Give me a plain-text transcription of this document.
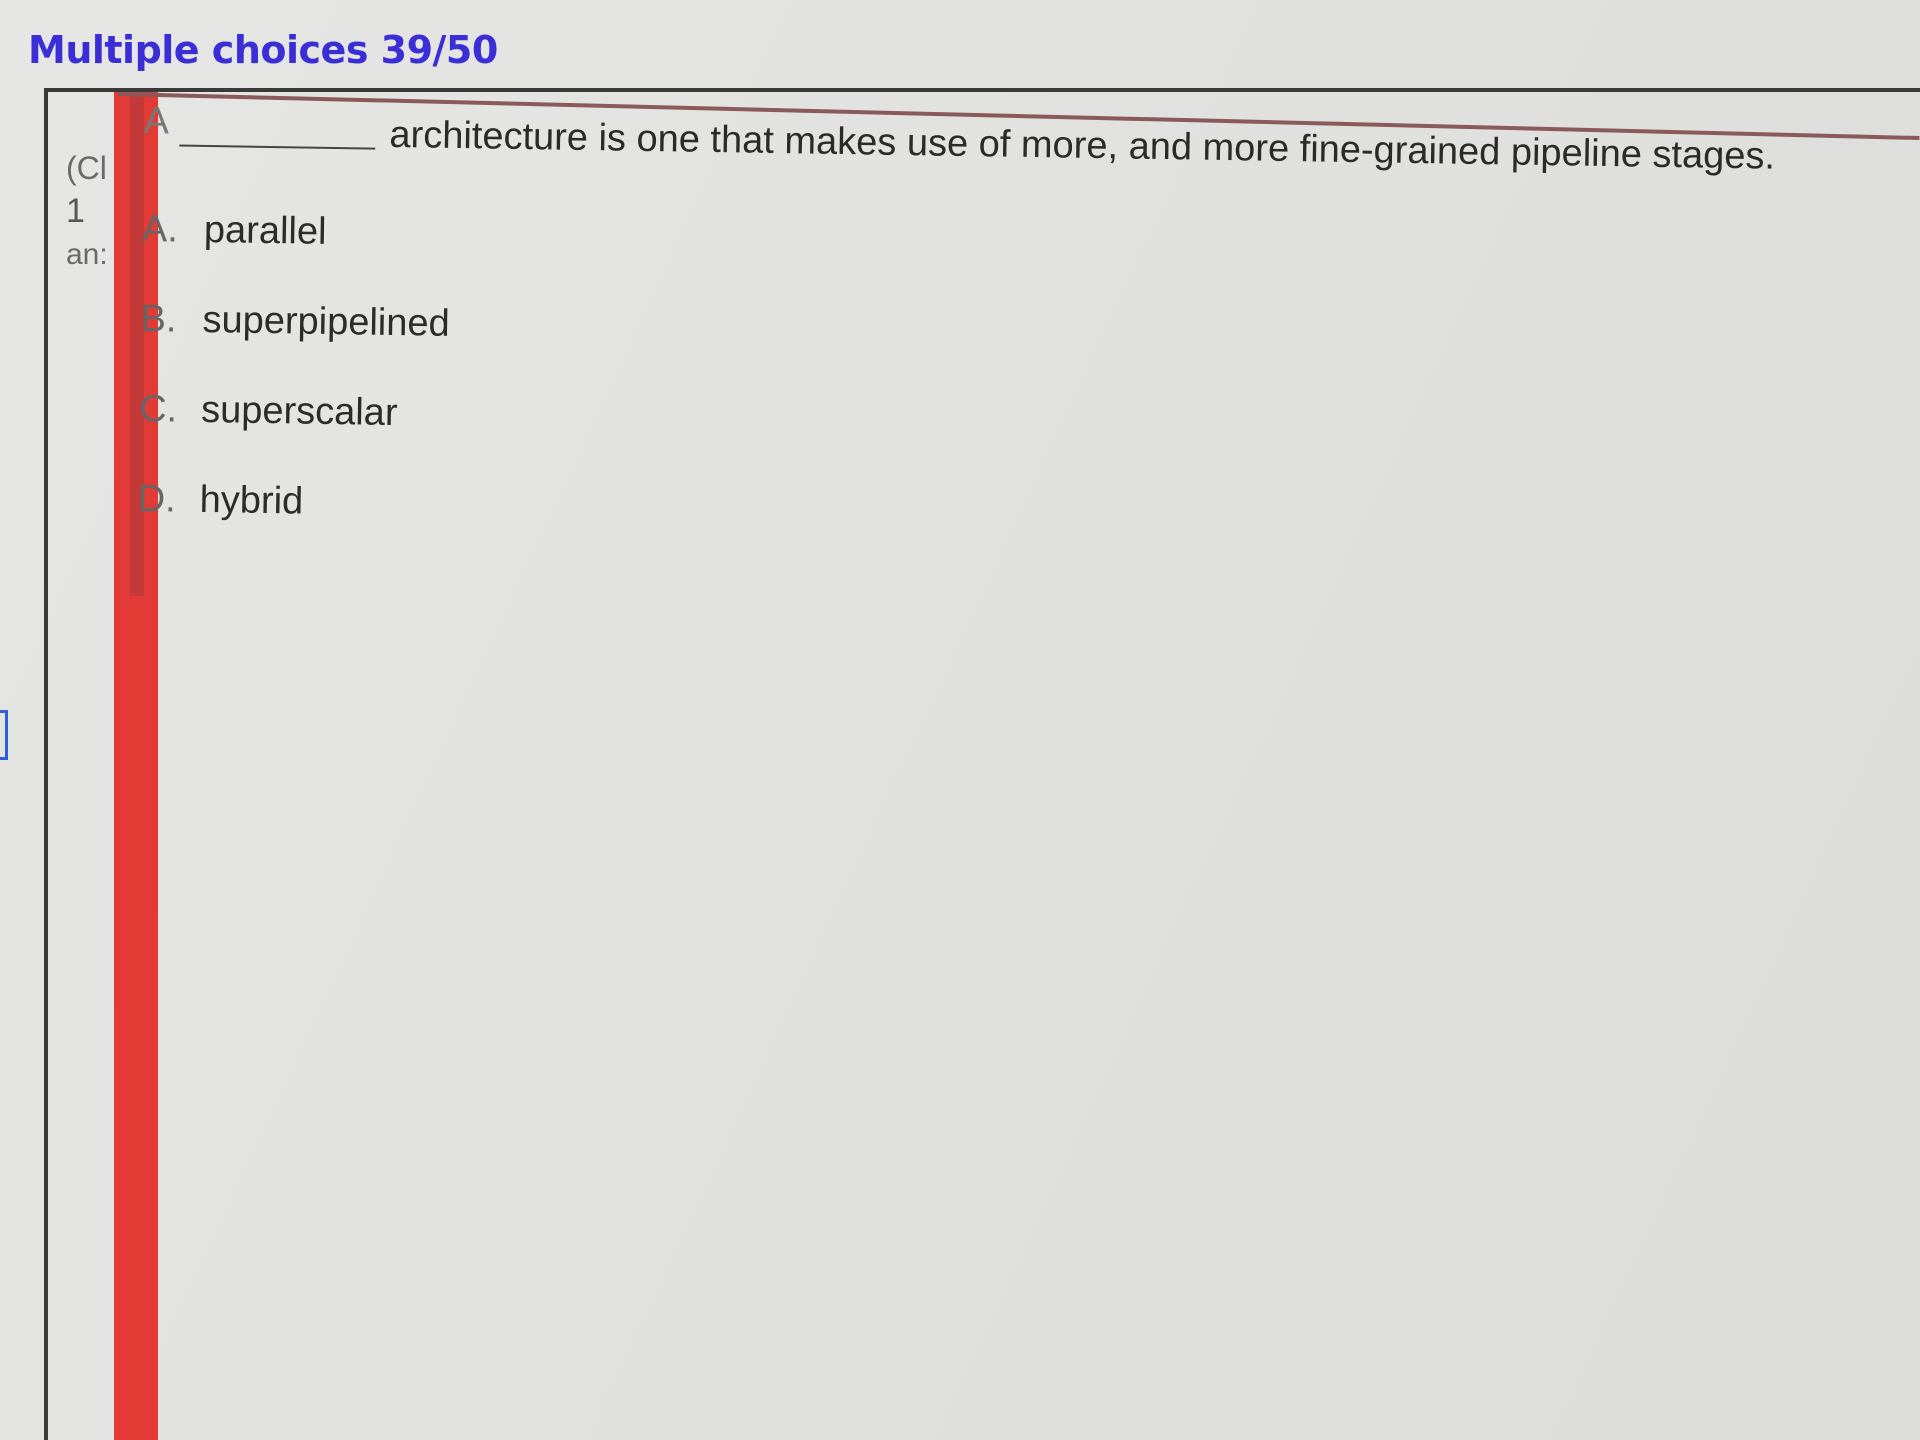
Multiple choices 39/50
(Cl
1
an:
A	architecture is one that makes use of more, and more fine-grained pipeline stages.
A. parallel
B. superpipelined
C. superscalar
D. hybrid
